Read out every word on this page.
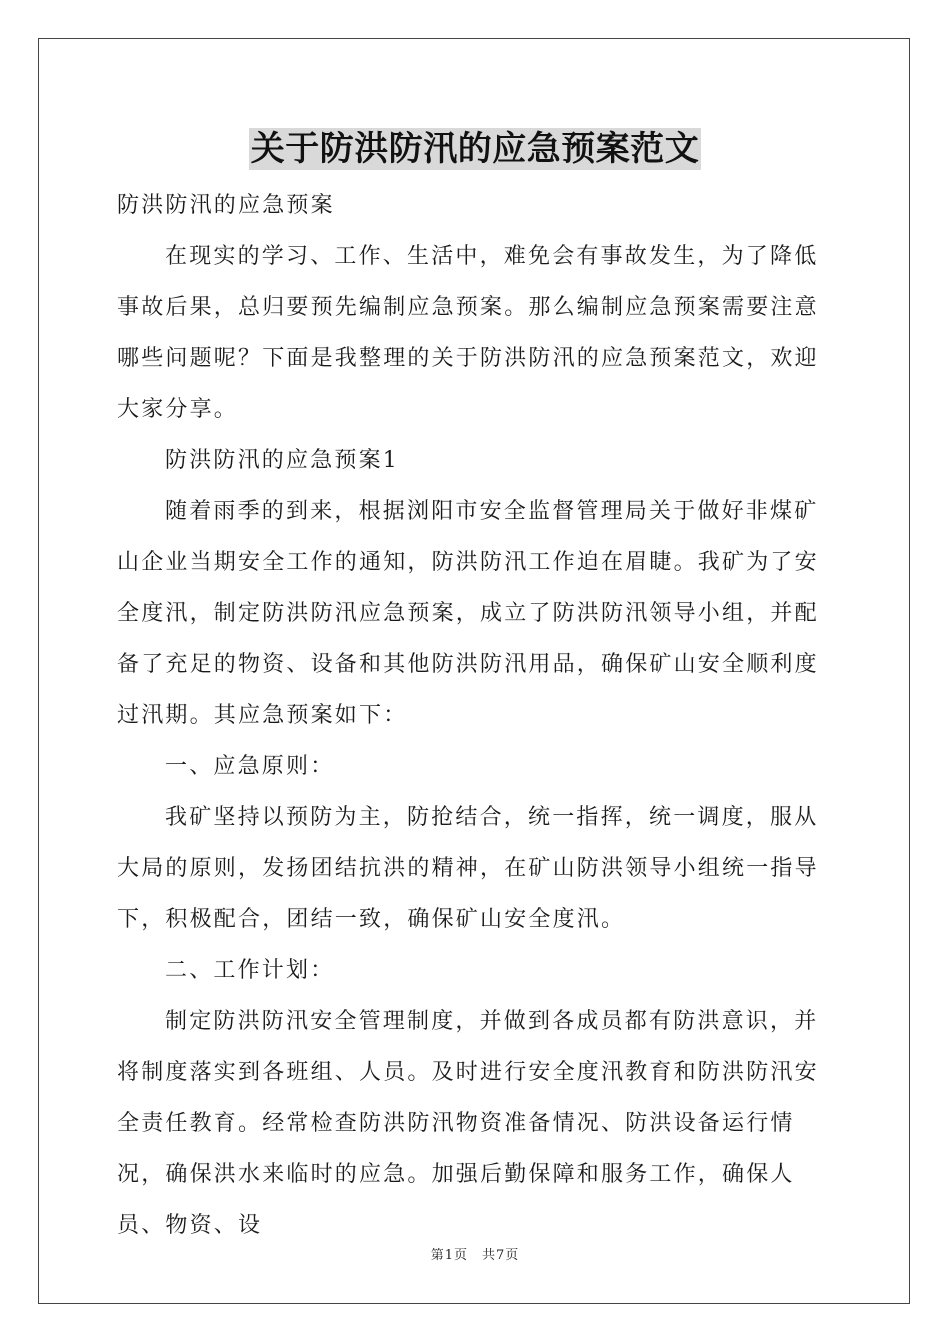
关于防洪防汛的应急预案范文

防洪防汛的应急预案

在现实的学习、工作、生活中，难免会有事故发生，为了降低事故后果，总归要预先编制应急预案。那么编制应急预案需要注意哪些问题呢？下面是我整理的关于防洪防汛的应急预案范文，欢迎大家分享。

防洪防汛的应急预案1

随着雨季的到来，根据浏阳市安全监督管理局关于做好非煤矿山企业当期安全工作的通知，防洪防汛工作迫在眉睫。我矿为了安全度汛，制定防洪防汛应急预案，成立了防洪防汛领导小组，并配备了充足的物资、设备和其他防洪防汛用品，确保矿山安全顺利度过汛期。其应急预案如下：

一、应急原则：

我矿坚持以预防为主，防抢结合，统一指挥，统一调度，服从大局的原则，发扬团结抗洪的精神，在矿山防洪领导小组统一指导下，积极配合，团结一致，确保矿山安全度汛。

二、工作计划：

制定防洪防汛安全管理制度，并做到各成员都有防洪意识，并将制度落实到各班组、人员。及时进行安全度汛教育和防洪防汛安全责任教育。经常检查防洪防汛物资准备情况、防洪设备运行情况，确保洪水来临时的应急。加强后勤保障和服务工作，确保人员、物资、设

第1页 共7页
